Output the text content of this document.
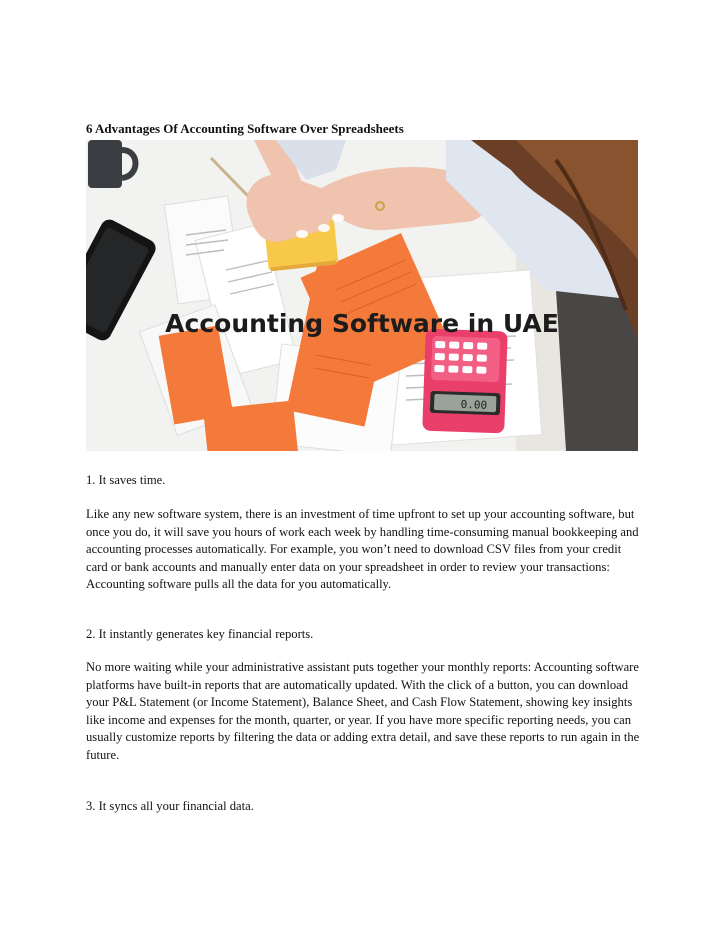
6 Advantages Of Accounting Software Over Spreadsheets
0.00
Accounting Software in UAE

1. It saves time.

Like any new software system, there is an investment of time upfront to set up your accounting software, but once you do, it will save you hours of work each week by handling time-consuming manual bookkeeping and accounting processes automatically. For example, you won’t need to download CSV files from your credit card or bank accounts and manually enter data on your spreadsheet in order to review your transactions: Accounting software pulls all the data for you automatically.

2. It instantly generates key financial reports.

No more waiting while your administrative assistant puts together your monthly reports: Accounting software platforms have built-in reports that are automatically updated. With the click of a button, you can download your P&L Statement (or Income Statement), Balance Sheet, and Cash Flow Statement, showing key insights like income and expenses for the month, quarter, or year. If you have more specific reporting needs, you can usually customize reports by filtering the data or adding extra detail, and save these reports to run again in the future.

3. It syncs all your financial data.
